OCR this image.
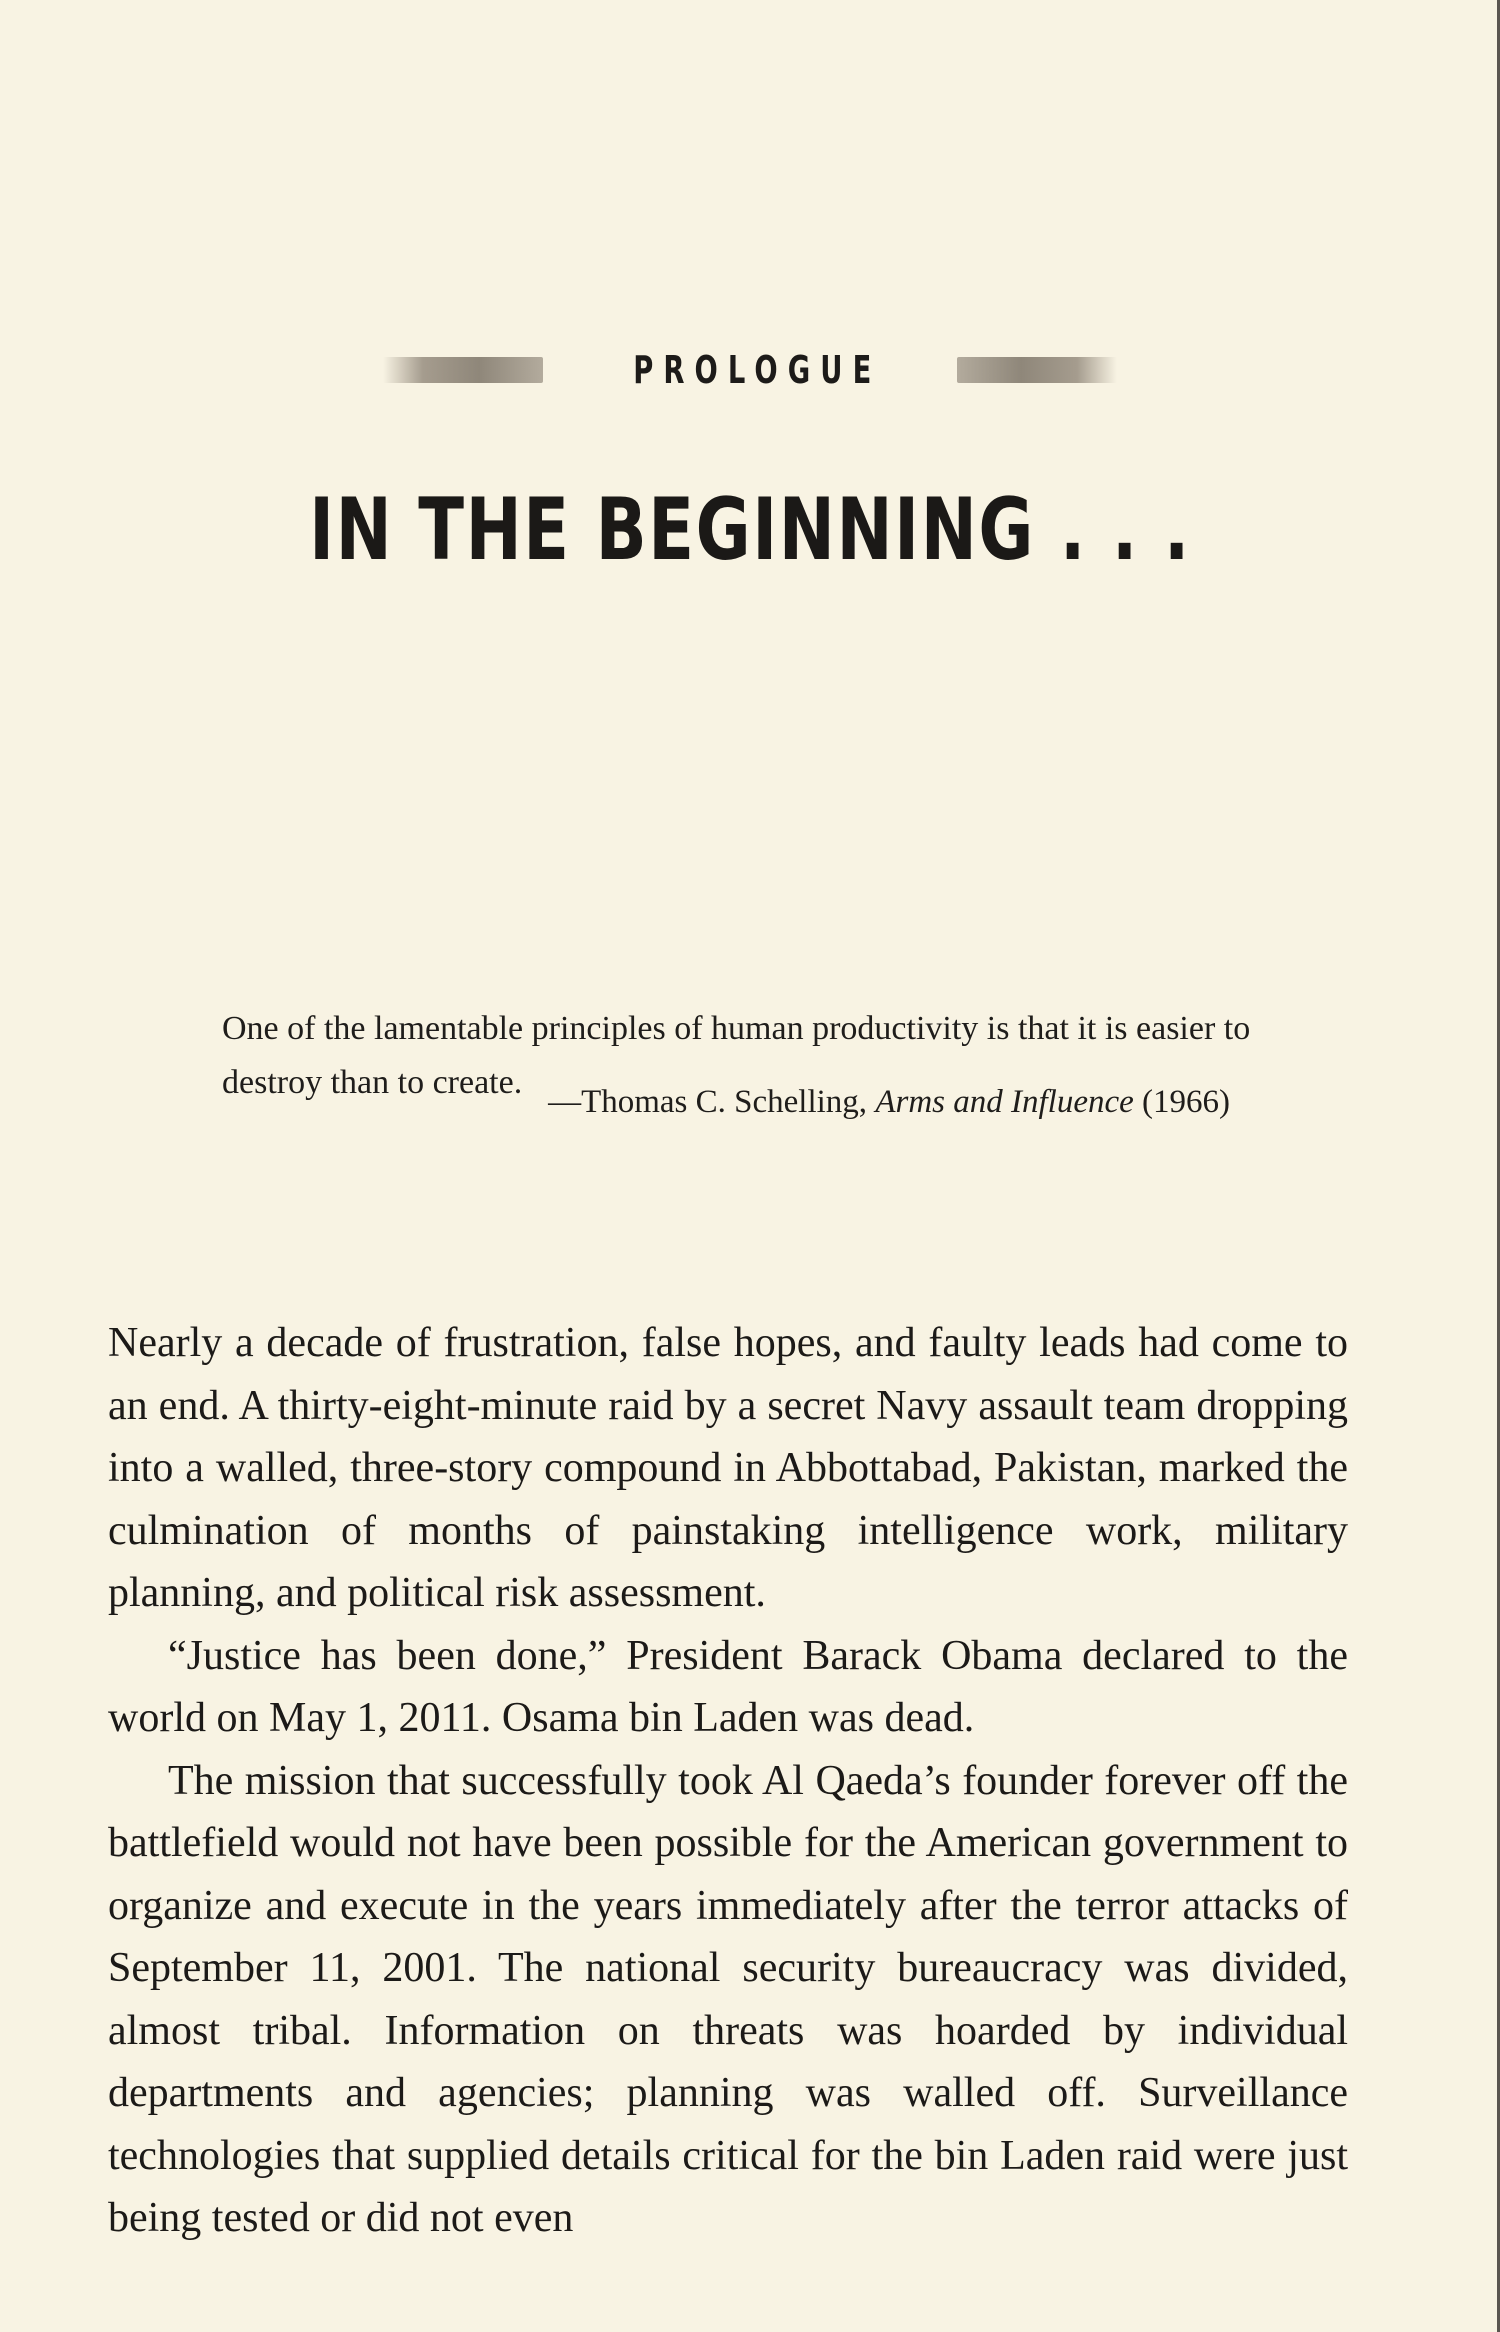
PROLOGUE
IN THE BEGINNING . . .

One of the lamentable principles of human productivity is that it is easier to destroy than to create.

—Thomas C. Schelling, Arms and Influence (1966)

Nearly a decade of frustration, false hopes, and faulty leads had come to an end. A thirty-eight-minute raid by a secret Navy assault team dropping into a walled, three-story compound in Abbottabad, Pakistan, marked the culmination of months of painstaking intelligence work, military planning, and political risk assessment.

“Justice has been done,” President Barack Obama declared to the world on May 1, 2011. Osama bin Laden was dead.

The mission that successfully took Al Qaeda’s founder forever off the battlefield would not have been possible for the American government to organize and execute in the years immediately after the terror attacks of September 11, 2001. The national security bureaucracy was divided, almost tribal. Information on threats was hoarded by individual departments and agencies; planning was walled off. Surveillance technologies that supplied details critical for the bin Laden raid were just being tested or did not even
